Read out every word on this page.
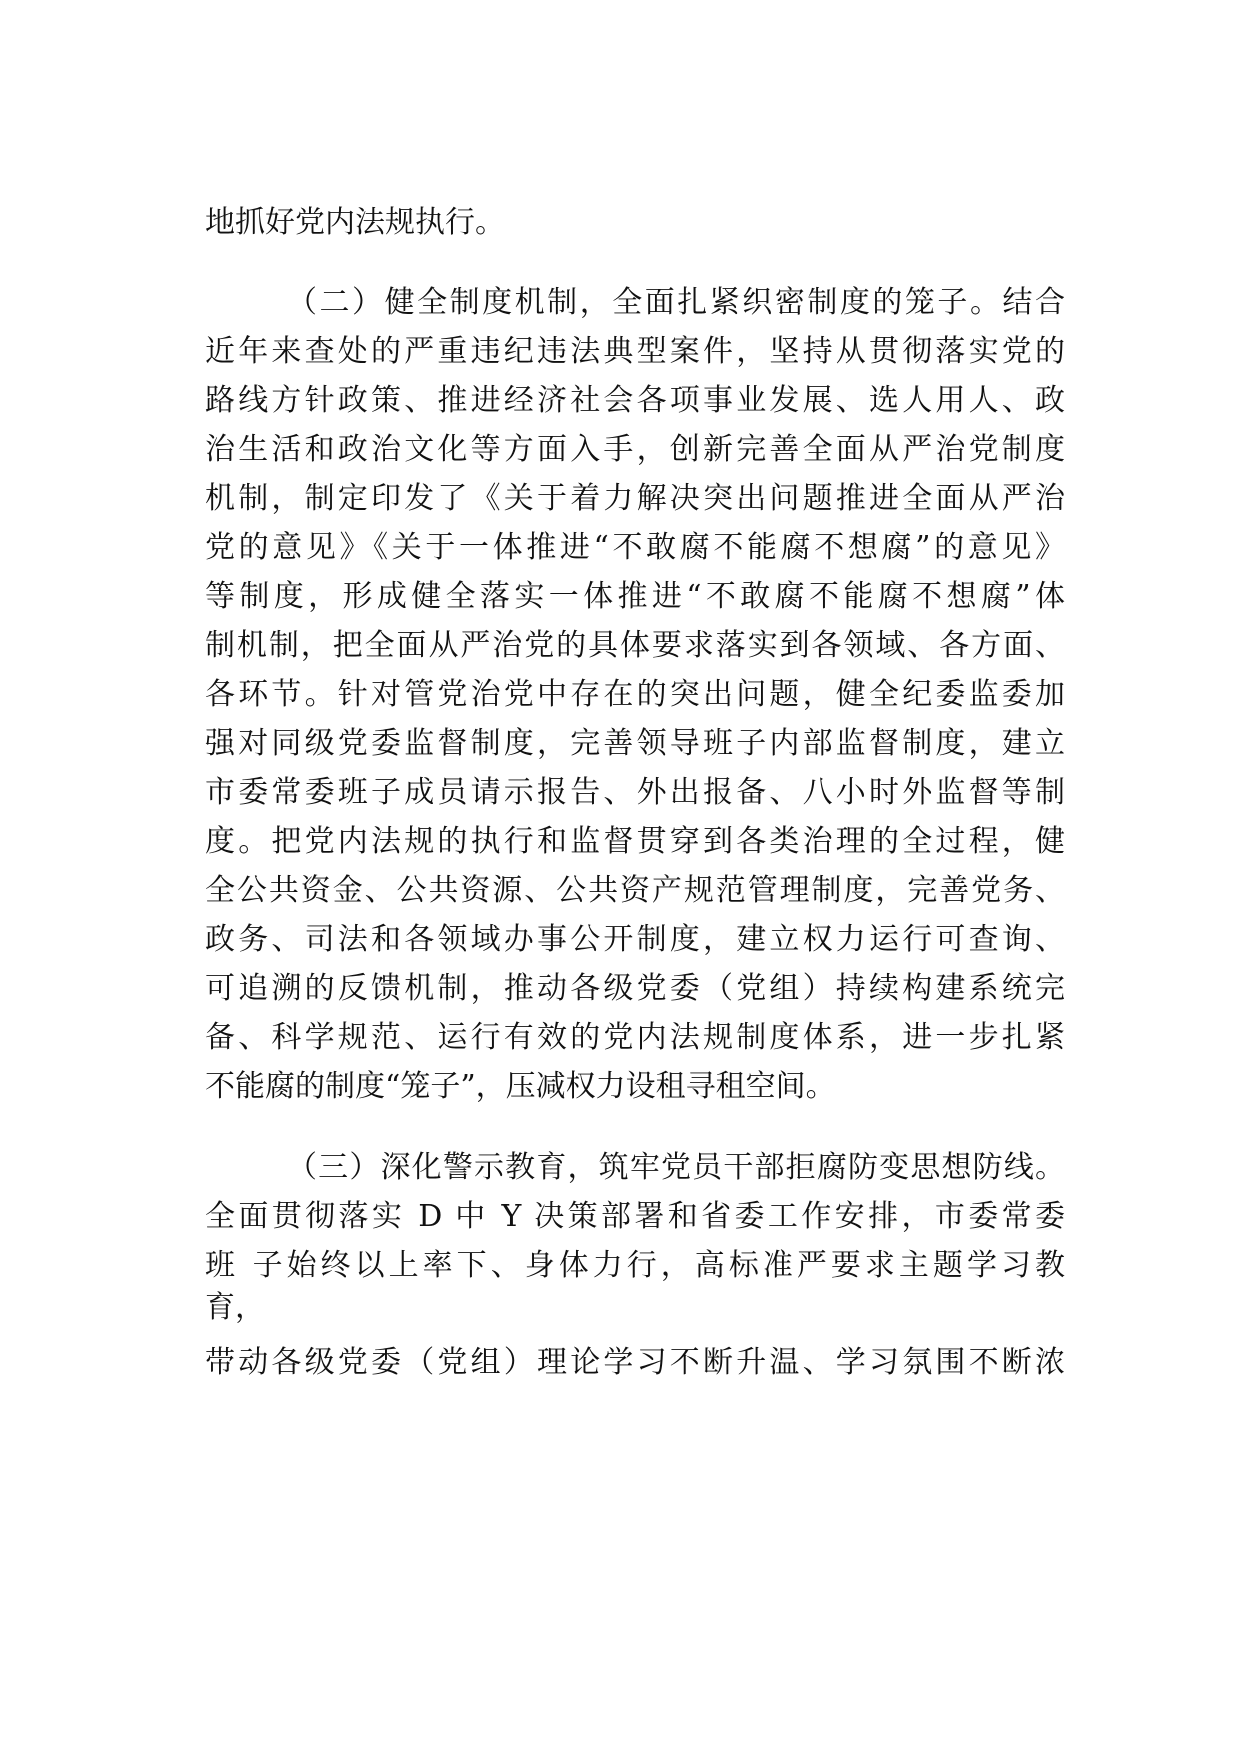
地抓好党内法规执行。
（二）健全制度机制，全面扎紧织密制度的笼子。结合
近年来查处的严重违纪违法典型案件，坚持从贯彻落实党的
路线方针政策、推进经济社会各项事业发展、选人用人、政
治生活和政治文化等方面入手，创新完善全面从严治党制度
机制，制定印发了《关于着力解决突出问题推进全面从严治
党的意见》《关于一体推进“不敢腐不能腐不想腐”的意见》
等制度，形成健全落实一体推进“不敢腐不能腐不想腐”体
制机制，把全面从严治党的具体要求落实到各领域、各方面、
各环节。针对管党治党中存在的突出问题，健全纪委监委加
强对同级党委监督制度，完善领导班子内部监督制度，建立
市委常委班子成员请示报告、外出报备、八小时外监督等制
度。把党内法规的执行和监督贯穿到各类治理的全过程，健
全公共资金、公共资源、公共资产规范管理制度，完善党务、
政务、司法和各领域办事公开制度，建立权力运行可查询、
可追溯的反馈机制，推动各级党委（党组）持续构建系统完
备、科学规范、运行有效的党内法规制度体系，进一步扎紧
不能腐的制度“笼子”，压减权力设租寻租空间。
（三）深化警示教育，筑牢党员干部拒腐防变思想防线。
全面贯彻落实 D 中 Y 决策部署和省委工作安排，市委常委
班 子始终以上率下、身体力行，高标准严要求主题学习教
育，
带动各级党委（党组）理论学习不断升温、学习氛围不断浓
